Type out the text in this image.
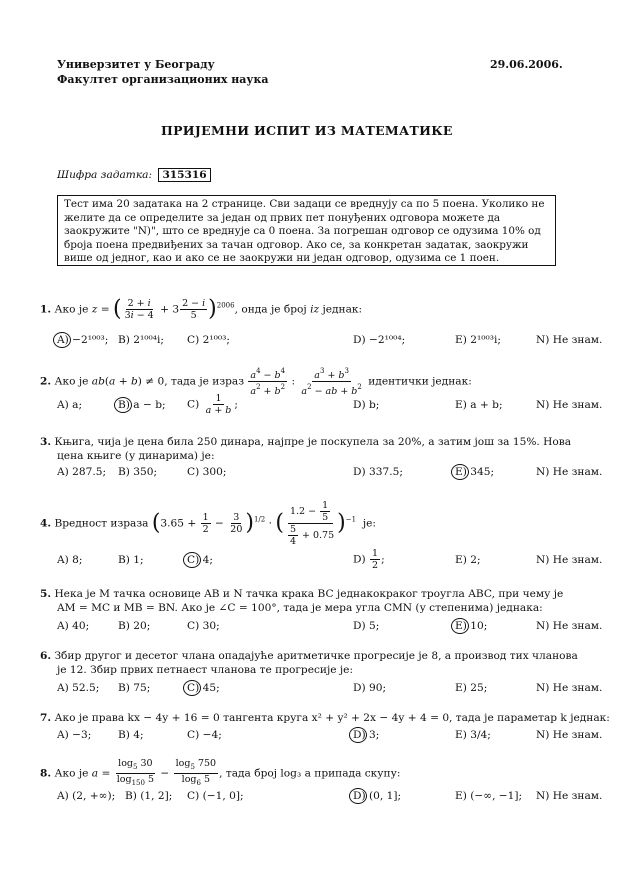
Универзитет у Београду
Факултет организационих наука
29.06.2006.
ПРИЈЕМНИ ИСПИТ ИЗ МАТЕМАТИКЕ
Шифра задатка: 315316
Тест има 20 задатака на 2 странице. Сви задаци се вреднују са по 5 поена. Уколико не желите да се опредeлите за један од првих пет понуђених одговора можете да заокружите "N)", што се вреднује са 0 поена. За погрешан одговор се одузима 10% од броја поена предвиђених за тачан одговор. Ако се, за конкретан задатак, заокружи више од једног, као и ако се не заокружи ни један одговор, одузима се 1 поен.
1. Ако је z = ( $\frac{2 + i}{3i - 4} + 3 \frac{2 - i}{5} )^{2006}$, онда је број iz једнак:
A) −2¹⁰⁰³; B) 2¹⁰⁰⁴i; C) 2¹⁰⁰³;	D) −2¹⁰⁰⁴;	E) 2¹⁰⁰³i;	N) Не знам.
2. Ако је ab(a + b) ≠ 0, тада је израз $\frac{a^4 - b^4}{a^2 + b^2}$ : $\frac{a^3 + b^3}{a^2 - ab + b^2}$ идентички једнак:
A) a;	B) a − b; $C) \frac{1}{a + b}$ ;	D) b;	E) a + b;	N) Не знам.
3. Књига, чија је цена била 250 динара, најпре је поскупела за 20%, а затим још за 15%. Нова
цена књиге (у динарима) је:
A) 287.5; B) 350;	C) 300;	D) 337.5;	E) 345;	N) Не знам.
4. Вредност израза $(3.65 + \frac{1}{2} - \frac{3}{20} )^{1/2}$ · ( $\frac{1.2 - \frac{1}{5}}{\frac{5}{4} + 0.75} )^{-1}$ је:
A) 8;	B) 1;	C) 4;	$D) \frac{1}{2}$ ;	E) 2;	N) Не знам.
5. Нека је M тачка основице AB и N тачка крака BC једнакокраког троугла ABC, при чему је
AM = MC и MB = BN. Ако је ∠C = 100°, тада је мера угла CMN (у степенима) једнака:
A) 40;	B) 20;	C) 30;	D) 5;	E) 10;	N) Не знам.
6. Збир другог и десетог члана опадајуће аритметичке прогресије је 8, а производ тих чланова
је 12. Збир првих петнаест чланова те прогресије је:
A) 52.5; B) 75;	C) 45;	D) 90;	E) 25;	N) Не знам.
7. Ако је права kx − 4y + 16 = 0 тангента круга x² + y² + 2x − 4y + 4 = 0, тада је параметар k једнак:
A) −3;	B) 4;	C) −4;	D) 3;	E) 3/4;	N) Не знам.
8. Ако је $a = \frac{\log_5 30}{\log_{150} 5} - \frac{\log_5 750}{\log_6 5}$ , тада број log₃ a припада скупу:
A) (2, +∞); B) (1, 2]; C) (−1, 0];	D) (0, 1];	E) (−∞, −1]; N) Не знам.
